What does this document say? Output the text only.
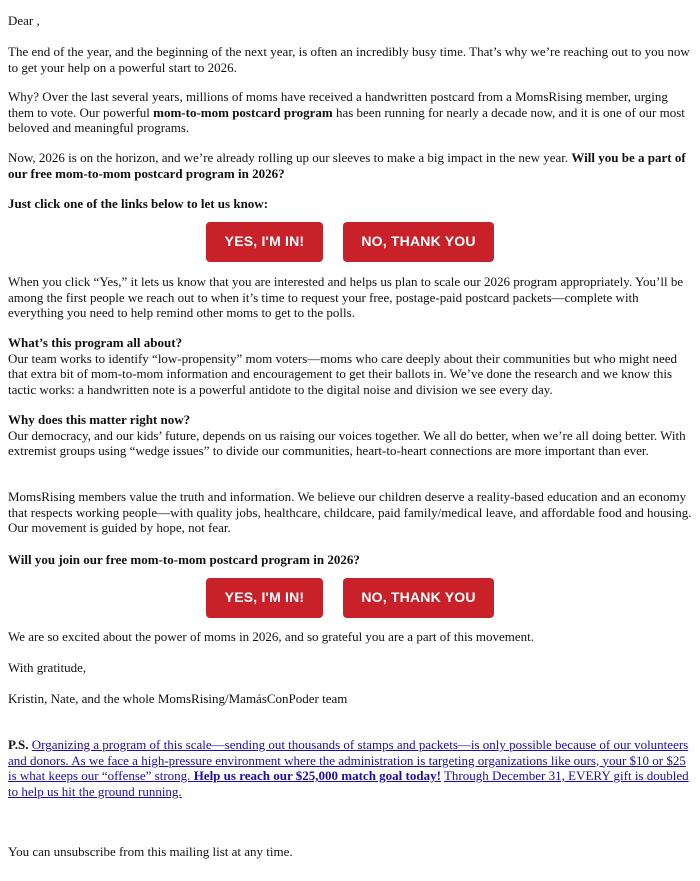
Dear ,

The end of the year, and the beginning of the next year, is often an incredibly busy time. That’s why we’re reaching out to you now to get your help on a powerful start to 2026.

Why? Over the last several years, millions of moms have received a handwritten postcard from a MomsRising member, urging them to vote. Our powerful mom-to-mom postcard program has been running for nearly a decade now, and it is one of our most beloved and meaningful programs.

Now, 2026 is on the horizon, and we’re already rolling up our sleeves to make a big impact in the new year. Will you be a part of our free mom-to-mom postcard program in 2026?

Just click one of the links below to let us know:

YES, I'M IN!	NO, THANK YOU

When you click “Yes,” it lets us know that you are interested and helps us plan to scale our 2026 program appropriately. You’ll be among the first people we reach out to when it’s time to request your free, postage-paid postcard packets—complete with everything you need to help remind other moms to get to the polls.

What’s this program all about?
Our team works to identify “low-propensity” mom voters—moms who care deeply about their communities but who might need that extra bit of mom-to-mom information and encouragement to get their ballots in. We’ve done the research and we know this tactic works: a handwritten note is a powerful antidote to the digital noise and division we see every day.

Why does this matter right now?
Our democracy, and our kids’ future, depends on us raising our voices together. We all do better, when we’re all doing better. With extremist groups using “wedge issues” to divide our communities, heart-to-heart connections are more important than ever.

MomsRising members value the truth and information. We believe our children deserve a reality-based education and an economy that respects working people—with quality jobs, healthcare, childcare, paid family/medical leave, and affordable food and housing. Our movement is guided by hope, not fear.

Will you join our free mom-to-mom postcard program in 2026?

YES, I'M IN!	NO, THANK YOU

We are so excited about the power of moms in 2026, and so grateful you are a part of this movement.

With gratitude,

Kristin, Nate, and the whole MomsRising/MamásConPoder team

P.S. Organizing a program of this scale—sending out thousands of stamps and packets—is only possible because of our volunteers and donors. As we face a high-pressure environment where the administration is targeting organizations like ours, your $10 or $25 is what keeps our “offense” strong. Help us reach our $25,000 match goal today! Through December 31, EVERY gift is doubled to help us hit the ground running.

You can unsubscribe from this mailing list at any time.
